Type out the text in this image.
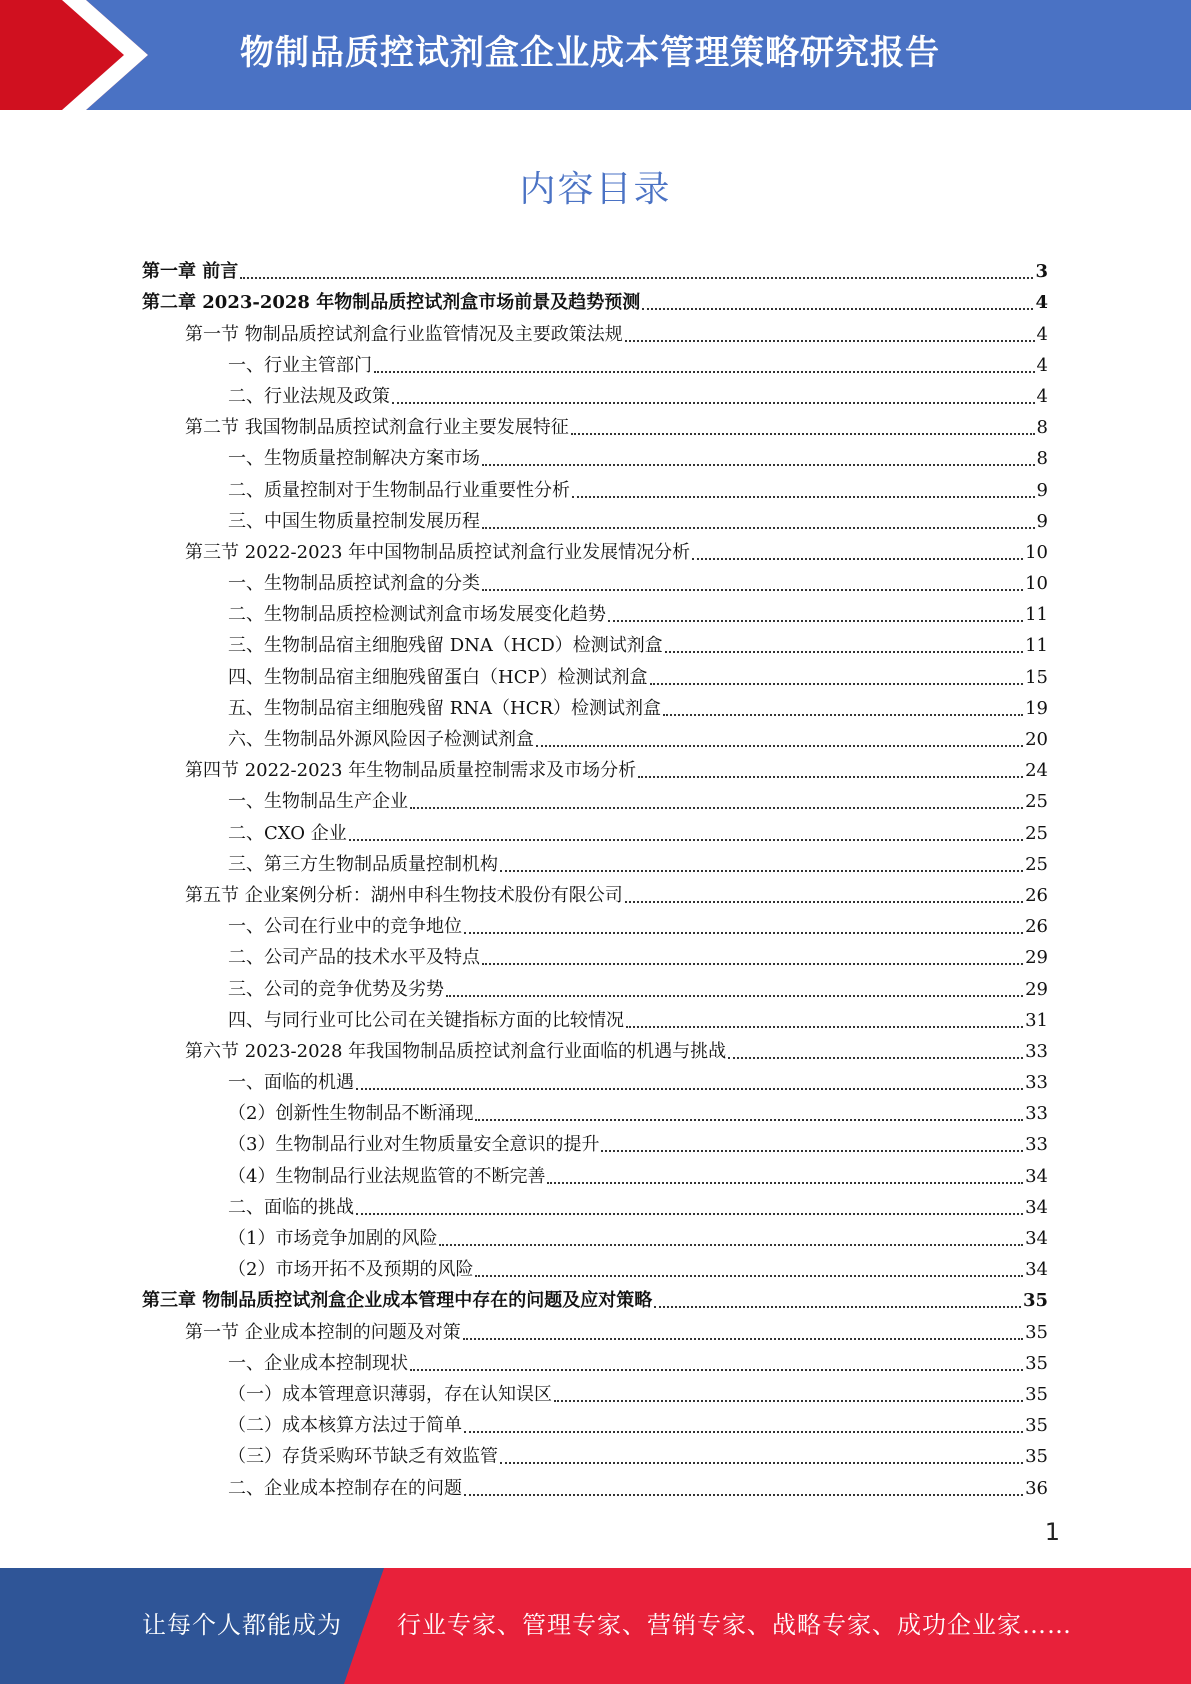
物制品质控试剂盒企业成本管理策略研究报告
内容目录
第一章 前言	3
第二章 2023-2028 年物制品质控试剂盒市场前景及趋势预测	4
第一节 物制品质控试剂盒行业监管情况及主要政策法规	4
一、行业主管部门	4
二、行业法规及政策	4
第二节 我国物制品质控试剂盒行业主要发展特征	8
一、生物质量控制解决方案市场	8
二、质量控制对于生物制品行业重要性分析	9
三、中国生物质量控制发展历程	9
第三节 2022-2023 年中国物制品质控试剂盒行业发展情况分析	10
一、生物制品质控试剂盒的分类	10
二、生物制品质控检测试剂盒市场发展变化趋势	11
三、生物制品宿主细胞残留 DNA（HCD）检测试剂盒	11
四、生物制品宿主细胞残留蛋白（HCP）检测试剂盒	15
五、生物制品宿主细胞残留 RNA（HCR）检测试剂盒	19
六、生物制品外源风险因子检测试剂盒	20
第四节 2022-2023 年生物制品质量控制需求及市场分析	24
一、生物制品生产企业	25
二、CXO 企业	25
三、第三方生物制品质量控制机构	25
第五节 企业案例分析：湖州申科生物技术股份有限公司	26
一、公司在行业中的竞争地位	26
二、公司产品的技术水平及特点	29
三、公司的竞争优势及劣势	29
四、与同行业可比公司在关键指标方面的比较情况	31
第六节 2023-2028 年我国物制品质控试剂盒行业面临的机遇与挑战	33
一、面临的机遇	33
（2）创新性生物制品不断涌现	33
（3）生物制品行业对生物质量安全意识的提升	33
（4）生物制品行业法规监管的不断完善	34
二、面临的挑战	34
（1）市场竞争加剧的风险	34
（2）市场开拓不及预期的风险	34
第三章 物制品质控试剂盒企业成本管理中存在的问题及应对策略	35
第一节 企业成本控制的问题及对策	35
一、企业成本控制现状	35
（一）成本管理意识薄弱，存在认知误区	35
（二）成本核算方法过于简单	35
（三）存货采购环节缺乏有效监管	35
二、企业成本控制存在的问题	36
1
让每个人都能成为 行业专家、管理专家、营销专家、战略专家、成功企业家……
